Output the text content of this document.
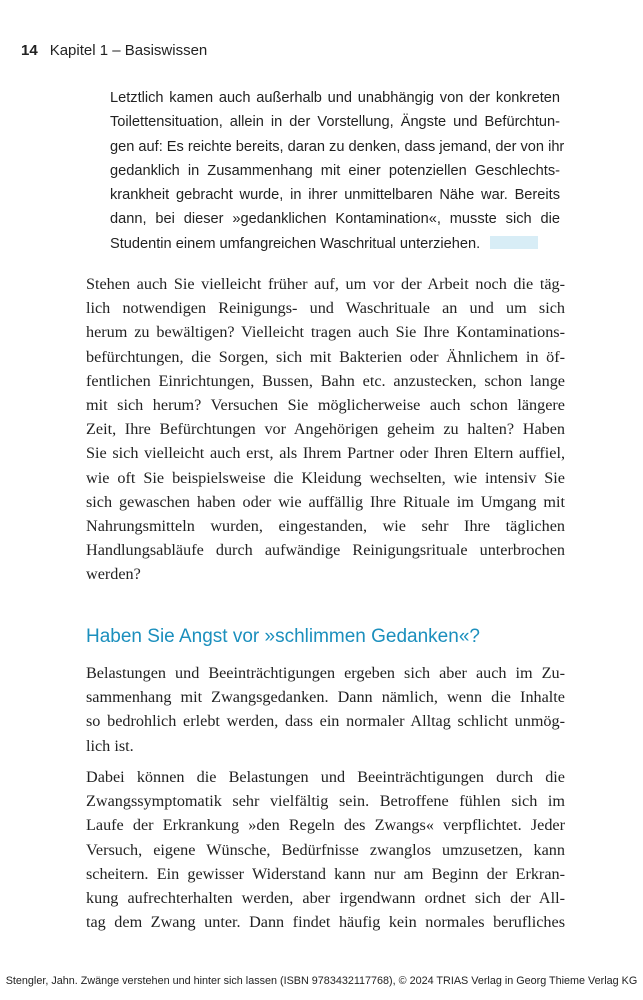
14 Kapitel 1 – Basiswissen
Letztlich kamen auch außerhalb und unabhängig von der konkreten
Toilettensituation, allein in der Vorstellung, Ängste und Befürchtun-
gen auf: Es reichte bereits, daran zu denken, dass jemand, der von ihr
gedanklich in Zusammenhang mit einer potenziellen Geschlechts-
krankheit gebracht wurde, in ihrer unmittelbaren Nähe war. Bereits
dann, bei dieser »gedanklichen Kontamination«, musste sich die
Studentin einem umfangreichen Waschritual unterziehen.
Stehen auch Sie vielleicht früher auf, um vor der Arbeit noch die täg-
lich notwendigen Reinigungs- und Waschrituale an und um sich
herum zu bewältigen? Vielleicht tragen auch Sie Ihre Kontaminations-
befürchtungen, die Sorgen, sich mit Bakterien oder Ähnlichem in öf-
fentlichen Einrichtungen, Bussen, Bahn etc. anzustecken, schon lange
mit sich herum? Versuchen Sie möglicherweise auch schon längere
Zeit, Ihre Befürchtungen vor Angehörigen geheim zu halten? Haben
Sie sich vielleicht auch erst, als Ihrem Partner oder Ihren Eltern auffiel,
wie oft Sie beispielsweise die Kleidung wechselten, wie intensiv Sie
sich gewaschen haben oder wie auffällig Ihre Rituale im Umgang mit
Nahrungsmitteln wurden, eingestanden, wie sehr Ihre täglichen
Handlungsabläufe durch aufwändige Reinigungsrituale unterbrochen
werden?
Haben Sie Angst vor »schlimmen Gedanken«?
Belastungen und Beeinträchtigungen ergeben sich aber auch im Zu-
sammenhang mit Zwangsgedanken. Dann nämlich, wenn die Inhalte
so bedrohlich erlebt werden, dass ein normaler Alltag schlicht unmög-
lich ist.
Dabei können die Belastungen und Beeinträchtigungen durch die
Zwangssymptomatik sehr vielfältig sein. Betroffene fühlen sich im
Laufe der Erkrankung »den Regeln des Zwangs« verpflichtet. Jeder
Versuch, eigene Wünsche, Bedürfnisse zwanglos umzusetzen, kann
scheitern. Ein gewisser Widerstand kann nur am Beginn der Erkran-
kung aufrechterhalten werden, aber irgendwann ordnet sich der All-
tag dem Zwang unter. Dann findet häufig kein normales berufliches
Stengler, Jahn. Zwänge verstehen und hinter sich lassen (ISBN 9783432117768), © 2024 TRIAS Verlag in Georg Thieme Verlag KG
